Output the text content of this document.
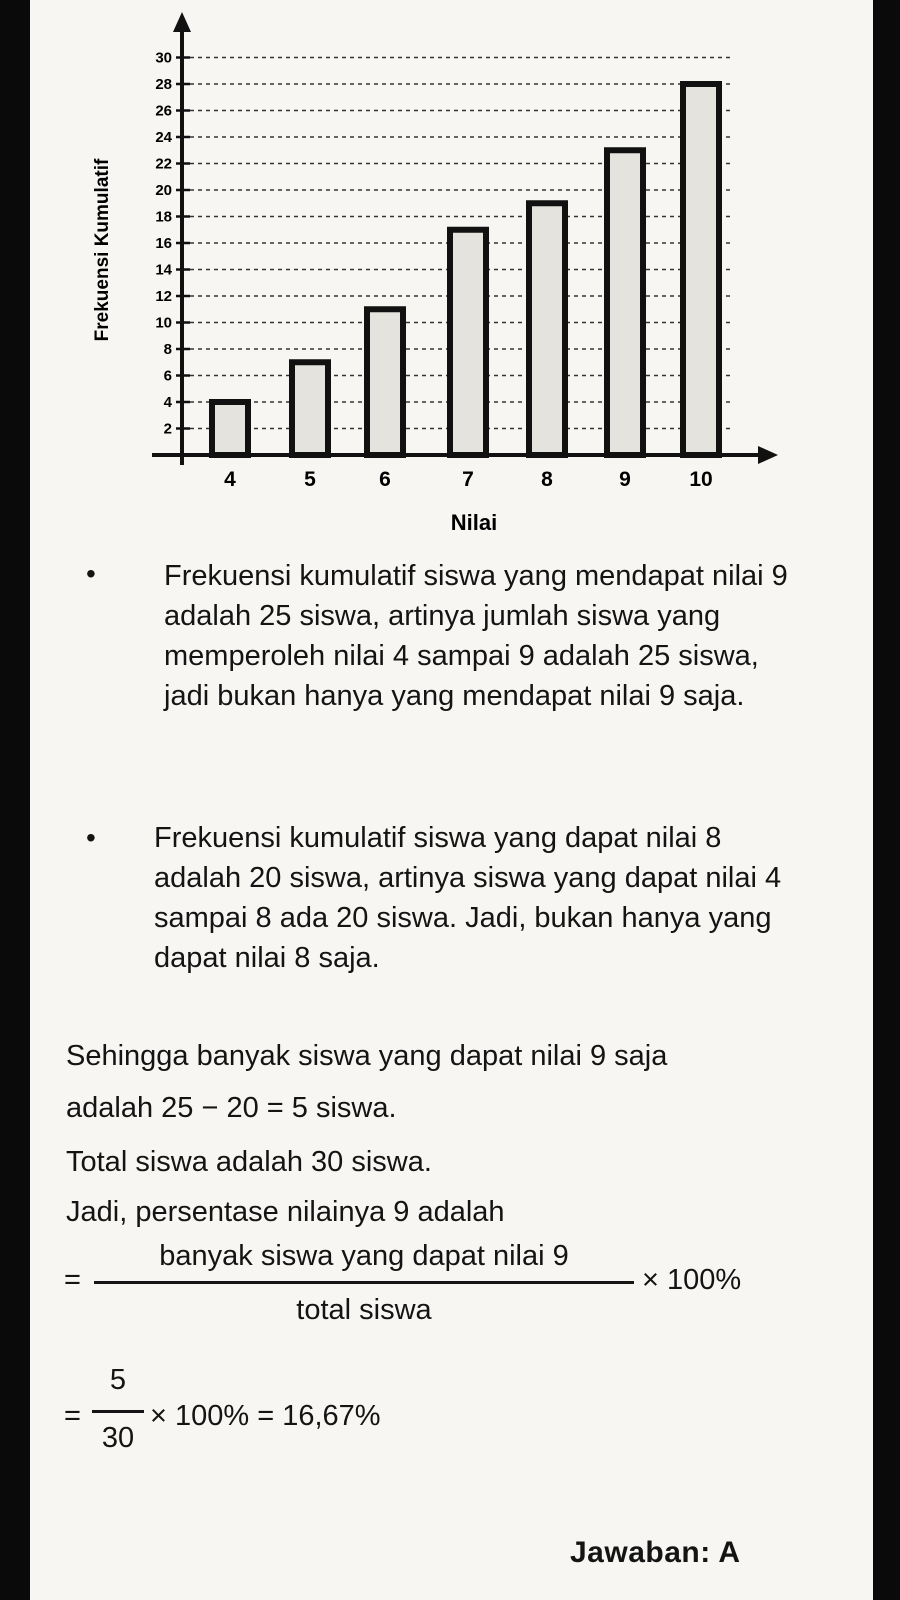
2
4
6
8
10
12
14
16
18
20
22
24
26
28
30
4	5	6	7	8	9	10
Frekuensi Kumulatif
Nilai
• Frekuensi kumulatif siswa yang mendapat nilai 9 adalah 25 siswa, artinya jumlah siswa yang memperoleh nilai 4 sampai 9 adalah 25 siswa, jadi bukan hanya yang mendapat nilai 9 saja.

• Frekuensi kumulatif siswa yang dapat nilai 8 adalah 20 siswa, artinya siswa yang dapat nilai 4 sampai 8 ada 20 siswa. Jadi, bukan hanya yang dapat nilai 8 saja.

Sehingga banyak siswa yang dapat nilai 9 saja
adalah 25 − 20 = 5 siswa.
Total siswa adalah 30 siswa.
Jadi, persentase nilainya 9 adalah
=
banyak siswa yang dapat nilai 9
total siswa
× 100%
=
5
30
× 100% = 16,67%
Jawaban: A
